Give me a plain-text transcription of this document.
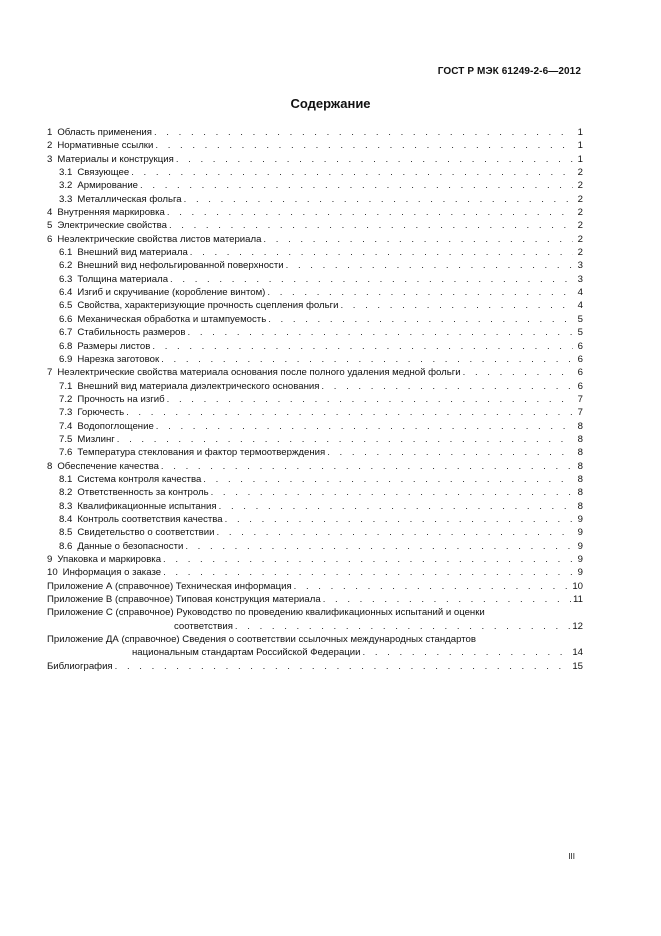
ГОСТ Р МЭК 61249-2-6—2012
Содержание
1 Область применения . . .	1
2 Нормативные ссылки . . .	1
3 Материалы и конструкция . . .	1
3.1 Связующее . . .	2
3.2 Армирование . . .	2
3.3 Металлическая фольга . . .	2
4 Внутренняя маркировка . . .	2
5 Электрические свойства . . .	2
6 Неэлектрические свойства листов материала . . .	2
6.1 Внешний вид материала . . .	2
6.2 Внешний вид нефольгированной поверхности . . .	3
6.3 Толщина материала . . .	3
6.4 Изгиб и скручивание (коробление винтом) . . .	4
6.5 Свойства, характеризующие прочность сцепления фольги . . .	4
6.6 Механическая обработка и штампуемость . . .	5
6.7 Стабильность размеров . . .	5
6.8 Размеры листов . . .	6
6.9 Нарезка заготовок . . .	6
7 Неэлектрические свойства материала основания после полного удаления медной фольги . . .	6
7.1 Внешний вид материала диэлектрического основания . . .	6
7.2 Прочность на изгиб . . .	7
7.3 Горючесть . . .	7
7.4 Водопоглощение . . .	8
7.5 Мизлинг . . .	8
7.6 Температура стеклования и фактор термоотверждения . . .	8
8 Обеспечение качества . . .	8
8.1 Система контроля качества . . .	8
8.2 Ответственность за контроль . . .	8
8.3 Квалификационные испытания . . .	8
8.4 Контроль соответствия качества . . .	9
8.5 Свидетельство о соответствии . . .	9
8.6 Данные о безопасности . . .	9
9 Упаковка и маркировка . . .	9
10 Информация о заказе . . .	9
Приложение А (справочное) Техническая информация . . .	10
Приложение В (справочное) Типовая конструкция материала . . .	11
Приложение С (справочное) Руководство по проведению квалификационных испытаний и оценки
соответствия . . .	12
Приложение ДА (справочное) Сведения о соответствии ссылочных международных стандартов
национальным стандартам Российской Федерации . . .	14
Библиография . . .	15
III
